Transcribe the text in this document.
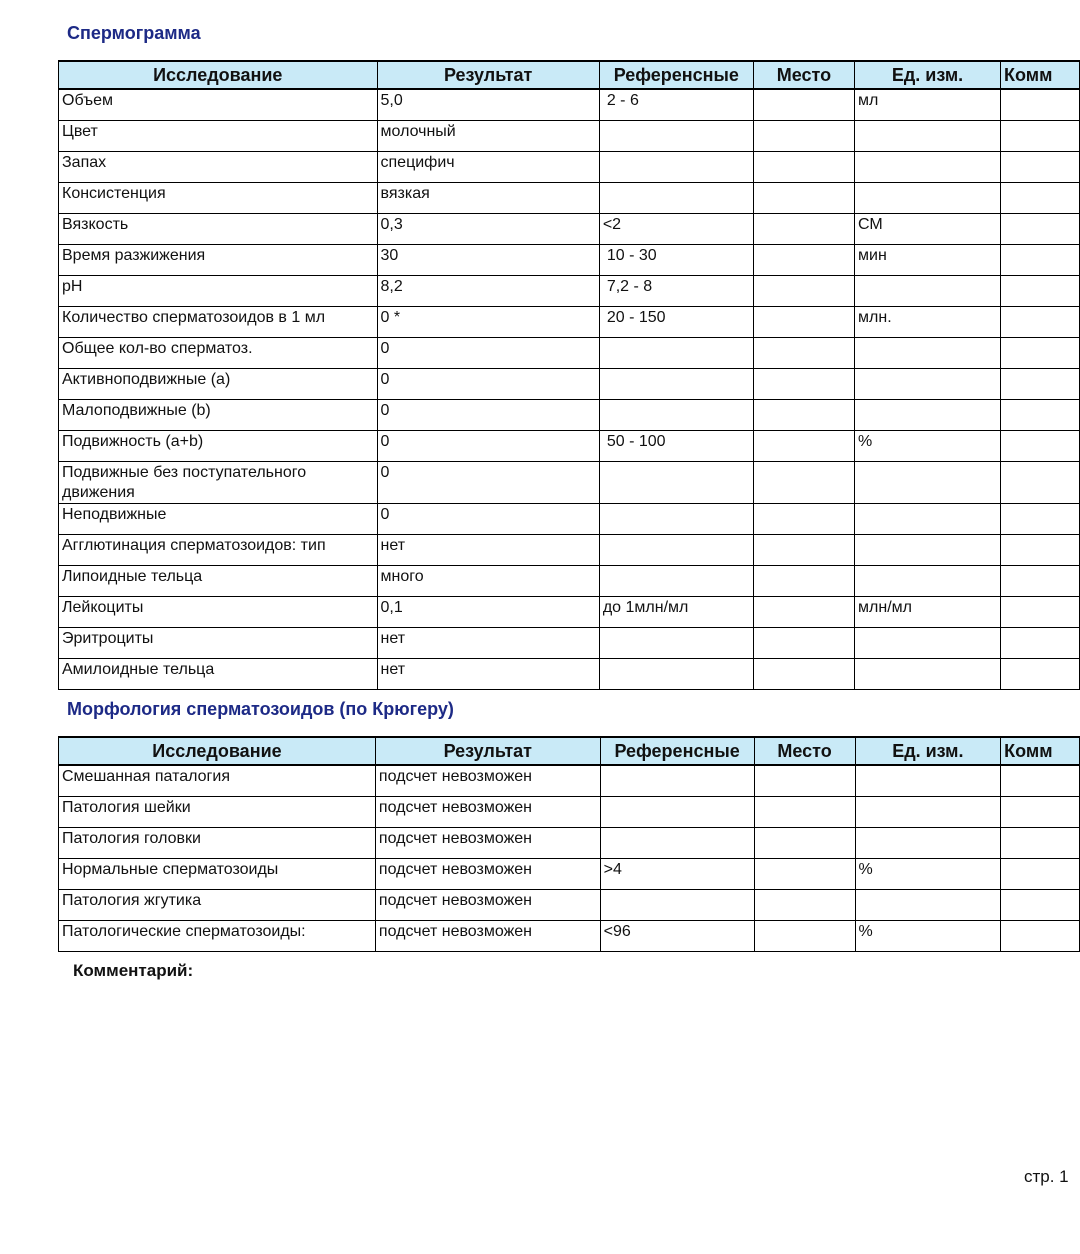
Спермограмма
Исследование	Результат	Референсные	Место	Ед. изм.	Комм
Объем	5,0	2 - 6		мл	
Цвет	молочный				
Запах	специфич				
Консистенция	вязкая				
Вязкость	0,3	<2		СМ	
Время разжижения	30	10 - 30		мин	
pH	8,2	7,2 - 8			
Количество сперматозоидов в 1 мл	0 *	20 - 150		млн.	
Общее кол-во сперматоз.	0				
Активноподвижные (a)	0				
Малоподвижные (b)	0				
Подвижность (a+b)	0	50 - 100		%	
Подвижные без поступательного движения	0				
Неподвижные	0				
Агглютинация сперматозоидов: тип	нет				
Липоидные тельца	много				
Лейкоциты	0,1	до 1млн/мл		млн/мл	
Эритроциты	нет				
Амилоидные тельца	нет				
Морфология сперматозоидов (по Крюгеру)
Исследование	Результат	Референсные	Место	Ед. изм.	Комм
Смешанная паталогия	подсчет невозможен				
Патология шейки	подсчет невозможен				
Патология головки	подсчет невозможен				
Нормальные сперматозоиды	подсчет невозможен	>4		%	
Патология жгутика	подсчет невозможен				
Патологические сперматозоиды:	подсчет невозможен	<96		%	

Комментарий:

стр. 1
